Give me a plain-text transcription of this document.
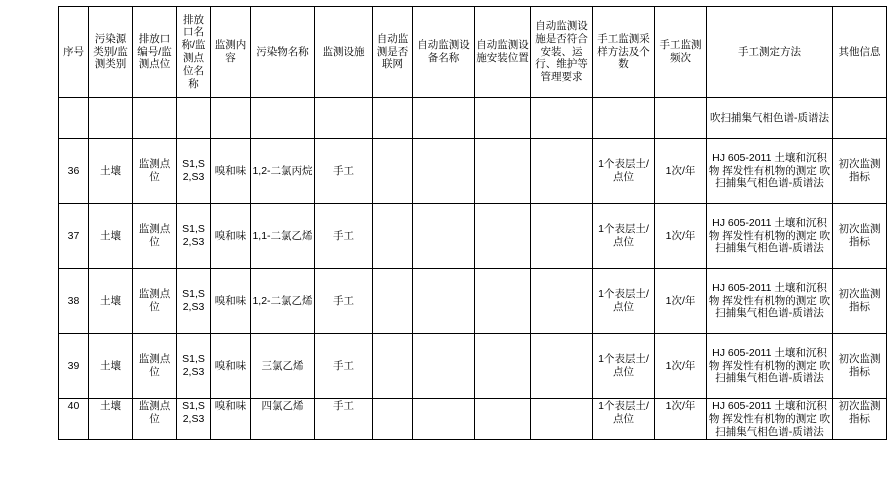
序号	污染源类别/监测类别	排放口编号/监测点位	排放口名称/监测点位名称	监测内容	污染物名称	监测设施	自动监测是否联网	自动监测设备名称	自动监测设施安装位置	自动监测设施是否符合安装、运行、维护等管理要求	手工监测采样方法及个数	手工监测频次	手工测定方法	其他信息
													吹扫捕集气相色谱-质谱法	
36	土壤	监测点位	S1,S2,S3	嗅和味	1,2-二氯丙烷	手工					1个表层土/点位	1次/年	HJ 605-2011 土壤和沉积物 挥发性有机物的测定 吹扫捕集气相色谱-质谱法	初次监测指标
37	土壤	监测点位	S1,S2,S3	嗅和味	1,1-二氯乙烯	手工					1个表层土/点位	1次/年	HJ 605-2011 土壤和沉积物 挥发性有机物的测定 吹扫捕集气相色谱-质谱法	初次监测指标
38	土壤	监测点位	S1,S2,S3	嗅和味	1,2-二氯乙烯	手工					1个表层土/点位	1次/年	HJ 605-2011 土壤和沉积物 挥发性有机物的测定 吹扫捕集气相色谱-质谱法	初次监测指标
39	土壤	监测点位	S1,S2,S3	嗅和味	三氯乙烯	手工					1个表层土/点位	1次/年	HJ 605-2011 土壤和沉积物 挥发性有机物的测定 吹扫捕集气相色谱-质谱法	初次监测指标
40	土壤	监测点位	S1,S2,S3	嗅和味	四氯乙烯	手工					1个表层土/点位	1次/年	HJ 605-2011 土壤和沉积物 挥发性有机物的测定 吹扫捕集气相色谱-质谱法	初次监测指标
